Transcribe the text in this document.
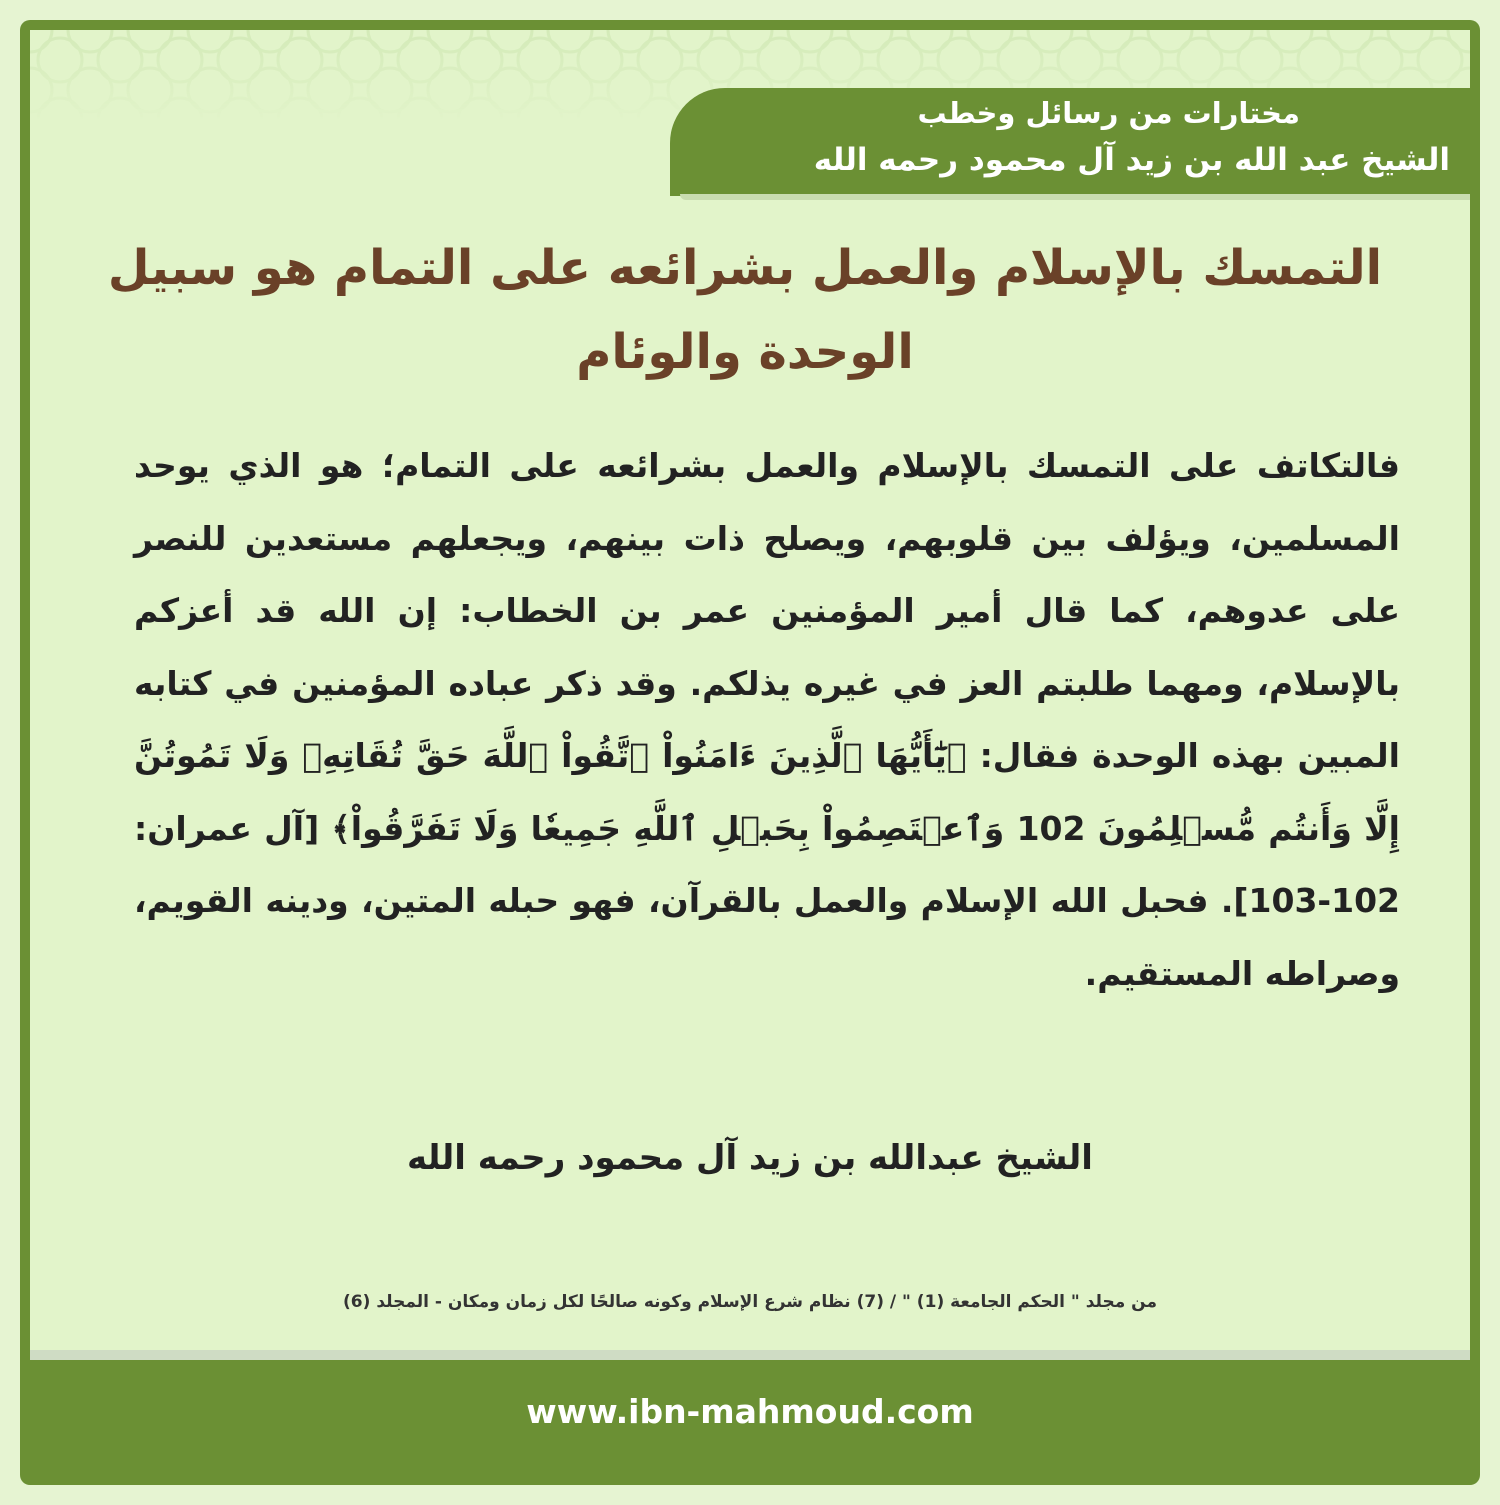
مختارات من رسائل وخطب
الشيخ عبد الله بن زيد آل محمود رحمه الله
التمسك بالإسلام والعمل بشرائعه على التمام هو سبيل الوحدة والوئام
فالتكاتف على التمسك بالإسلام والعمل بشرائعه على التمام؛ هو الذي يوحد المسلمين، ويؤلف بين قلوبهم، ويصلح ذات بينهم، ويجعلهم مستعدين للنصر على عدوهم، كما قال أمير المؤمنين عمر بن الخطاب: إن الله قد أعزكم بالإسلام، ومهما طلبتم العز في غيره يذلكم. وقد ذكر عباده المؤمنين في كتابه المبين بهذه الوحدة فقال: ﴿يَٰٓأَيُّهَا ٱلَّذِينَ ءَامَنُواْ ٱتَّقُواْ ٱللَّهَ حَقَّ تُقَاتِهِۦ وَلَا تَمُوتُنَّ إِلَّا وَأَنتُم مُّسۡلِمُونَ 102 وَٱعۡتَصِمُواْ بِحَبۡلِ ٱللَّهِ جَمِيعٗا وَلَا تَفَرَّقُواْ﴾ [آل عمران: 102-103]. فحبل الله الإسلام والعمل بالقرآن، فهو حبله المتين، ودينه القويم، وصراطه المستقيم.
الشيخ عبدالله بن زيد آل محمود رحمه الله
من مجلد " الحكم الجامعة (1) " / (7) نظام شرع الإسلام وكونه صالحًا لكل زمان ومكان - المجلد (6)
www.ibn-mahmoud.com
